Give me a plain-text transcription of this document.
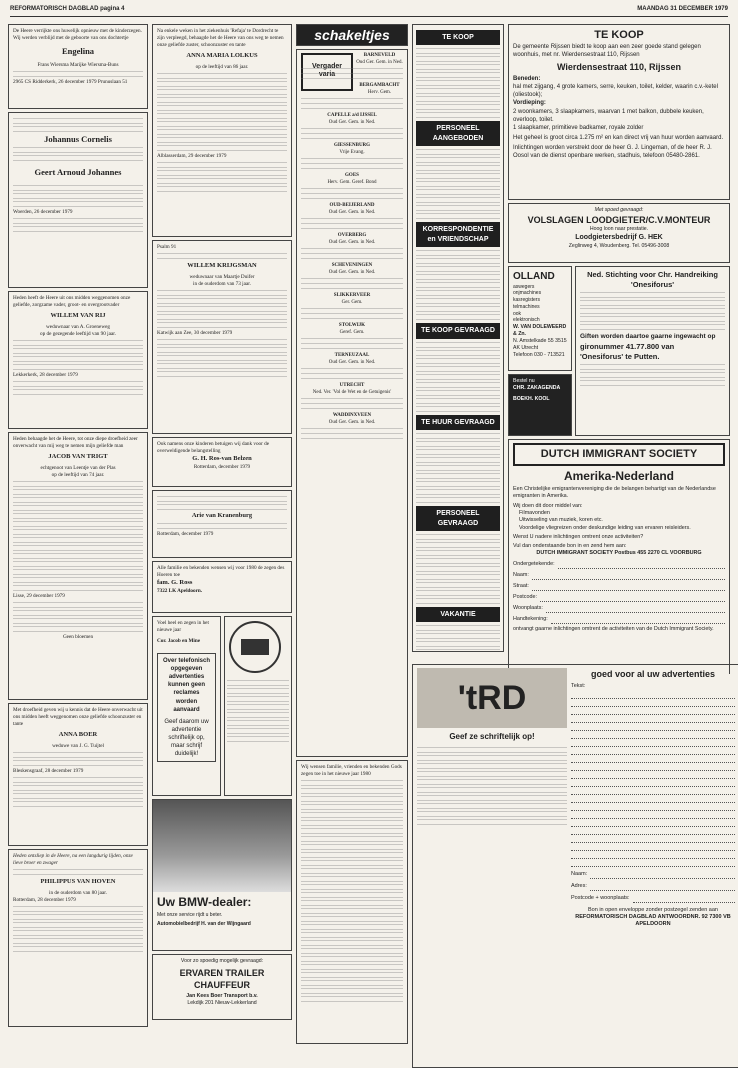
REFORMATORISCH DAGBLAD pagina 4	MAANDAG 31 DECEMBER 1979
De Heere verrijkte ons huwelijk opnieuw met de kinderzegen. Wij werden verblijd met de geboorte van ons dochtertje
Engelina
Frans Wiersma Marijke Wiersma-Buns
2965 CS Ridderkerk, 26 december 1979 Prunuslaan 51
Johannus Cornelis
Geert Arnoud Johannes
Woerden, 26 december 1979
Heden heeft de Heere uit ons midden weggenomen onze geliefde, zorgzame vader, groot- en overgrootvader
WILLEM VAN RIJ
weduwnaar van A. Groeneweg
op de gezegende leeftijd van 90 jaar.
Lekkerkerk, 28 december 1979
Heden behaagde het de Heere, tot onze diepe droefheid zeer onverwacht van mij weg te nemen mijn geliefde man
JACOB VAN TRIGT
echtgenoot van Leentje van der Plas
op de leeftijd van 74 jaar.
Lisse, 29 december 1979
Geen bloemen
Met droefheid geven wij u kennis dat de Heere onverwacht uit ons midden heeft weggenomen onze geliefde schoonzuster en tante
ANNA BOER
weduwe van J. G. Tuijtel
Bleskensgraaf, 28 december 1979
Heden ontsliep in de Heere, na een langdurig lijden, onze lieve broer en zwager
PHILIPPUS VAN HOVEN
in de ouderdom van 80 jaar.
Rotterdam, 28 december 1979
Na enkele weken in het ziekenhuis 'Refaja' te Dordrecht te zijn verpleegd, behaagde het de Heere van ons weg te nemen onze geliefde zuster, schoonzuster en tante
ANNA MARIA LOLKUS
op de leeftijd van 86 jaar.
Alblasserdam, 29 december 1979
Psalm 91
WILLEM KRIJGSMAN
weduwnaar van Maartje Duifer
in de ouderdom van 73 jaar.
Katwijk aan Zee, 30 december 1979
Ook namens onze kinderen betuigen wij dank voor de overweldigende belangstelling
G. H. Ros-van Belzen
Rotterdam, december 1979
Arie van Kranenburg
Rotterdam, december 1979
Alle familie en bekenden wensen wij voor 1980 de zegen des Hoeren toe
fam. G. Ross
7322 LK Apeldoorn.
Voel heel en zegen in het nieuwe jaar
Cor. Jacob en Mine
Over telefonisch opgegeven advertenties kunnen geen reclames worden aanvaard
Geef daarom uw advertentie schriftelijk op, maar schrijf duidelijk!
Uw BMW-dealer:
Met onze service rijdt u beter.
Automobielbedrijf H. van der Wijngaard
Voor zo spoedig mogelijk gevraagd:
ERVAREN TRAILER CHAUFFEUR
Jan Kees Boer Transport b.v.
Lekdijk 201 Nieuw-Lekkerland
schakeltjes
Vergader varia
BARNEVELD
Oud Ger. Gem. in Ned.
BERGAMBACHT
Herv. Gem.
CAPELLE a/d IJSSEL
Oud Ger. Gem. in Ned.
GIESSENBURG
Vrije Evang.
GOES
Herv. Gem. Geref. Bond
OUD-BEIJERLAND
Oud Ger. Gem. in Ned.
OVERBERG
Oud Ger. Gem. in Ned.
SCHEVENINGEN
Oud Ger. Gem. in Ned.
SLIKKERVEER
Ger. Gem.
STOLWIJK
Geref. Gem.
TERNEUZAAL
Oud Ger. Gem. in Ned.
UTRECHT
Ned. Ver. 'Vol de Wet en de Getuigenis'
WADDINXVEEN
Oud Ger. Gem. in Ned.
Wij wensen familie, vrienden en bekenden Gods zegen toe in het nieuwe jaar 1980
TE KOOP
PERSONEEL AANGEBODEN
KORRESPONDENTIE en VRIENDSCHAP
TE KOOP GEVRAAGD
TE HUUR GEVRAAGD
PERSONEEL GEVRAAGD
VAKANTIE
TE KOOP
De gemeente Rijssen biedt te koop aan een zeer goede stand gelegen woonhuis, met nr. Wierdensestraat 110, Rijssen
Wierdensestraat 110, Rijssen
Beneden:
hal met zijgang, 4 grote kamers, serre, keuken, toilet, kelder, waarin c.v.-ketel (oliestook);
Vordieping:
2 woonkamers, 3 slaapkamers, waarvan 1 met balkon, dubbele keuken, overloop, toilet.
1 slaapkamer, primitieve badkamer, royale zolder
Het geheel is groot circa 1.275 m² en kan direct vrij van huur worden aanvaard.
Inlichtingen worden verstrekt door de heer G. J. Lingeman, of de heer R. J. Oosol van de dienst openbare werken, stadhuis, telefoon 05480-2861.
Met spoed gevraagd:
VOLSLAGEN LOODGIETER/C.V.MONTEUR
Hoog loon naar prestatie.
Loodgietersbedrijf G. HEK
Zeglinweg 4, Woudenberg. Tel. 05496-3008
OLLAND
aswegers
onjmachines
kasregisters
telmachines
ook
elektronisch
W. VAN DOLEWEERD & Zn.
N. Amstelkade 55 3515 AK Utrecht
Telefoon 030 - 713521
Bestel nu
CHR. ZAKAGENDA
BOEKH. KOOL
Ned. Stichting voor Chr. Handreiking 'Onesiforus'
Giften worden daartoe gaarne ingewacht op
gironummer 41.77.800 van
'Onesiforus' te Putten.
DUTCH IMMIGRANT SOCIETY
Amerika-Nederland
Een Christelijke emigrantenvereniging die de belangen behartigt van de Nederlandse emigranten in Amerika.
Wij doen dit door middel van:
Filmavonden
Uitwisseling van muziek, koren etc.
Voordelige vliegreizen onder deskundige leiding van ervaren reisleiders.
Wenst U nadere inlichtingen omtrent onze activiteiten?
Vul dan onderstaande bon in en zend hem aan:
DUTCH IMMIGRANT SOCIETY Postbus 455 2270 CL VOORBURG
Ondergetekende:
Naam:
Straat:
Postcode:
Woonplaats:
Handtekening:
ontvangt gaarne inlichtingen omtrent de activiteiten van de Dutch Immigrant Society.
'tRD
Geef ze schriftelijk op!
goed voor al uw advertenties
Tekst:
Naam:
Adres:
Postcode + woonplaats:
Bon in open enveloppe zonder postzegel zenden aan
REFORMATORISCH DAGBLAD ANTWOORDNR. 92 7300 VB APELDOORN
